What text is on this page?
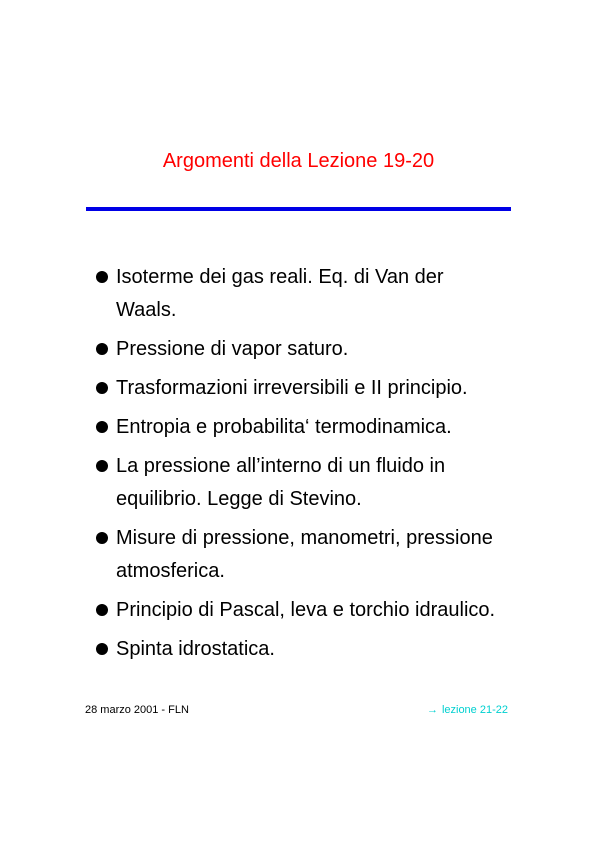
Argomenti della Lezione 19-20
Isoterme dei gas reali. Eq. di Van der
Waals.
Pressione di vapor saturo.
Trasformazioni irreversibili e II principio.
Entropia e probabilita‘ termodinamica.
La pressione all’interno di un fluido in
equilibrio. Legge di Stevino.
Misure di pressione, manometri, pressione
atmosferica.
Principio di Pascal, leva e torchio idraulico.
Spinta idrostatica.
28 marzo 2001 - FLN	→ lezione 21-22
